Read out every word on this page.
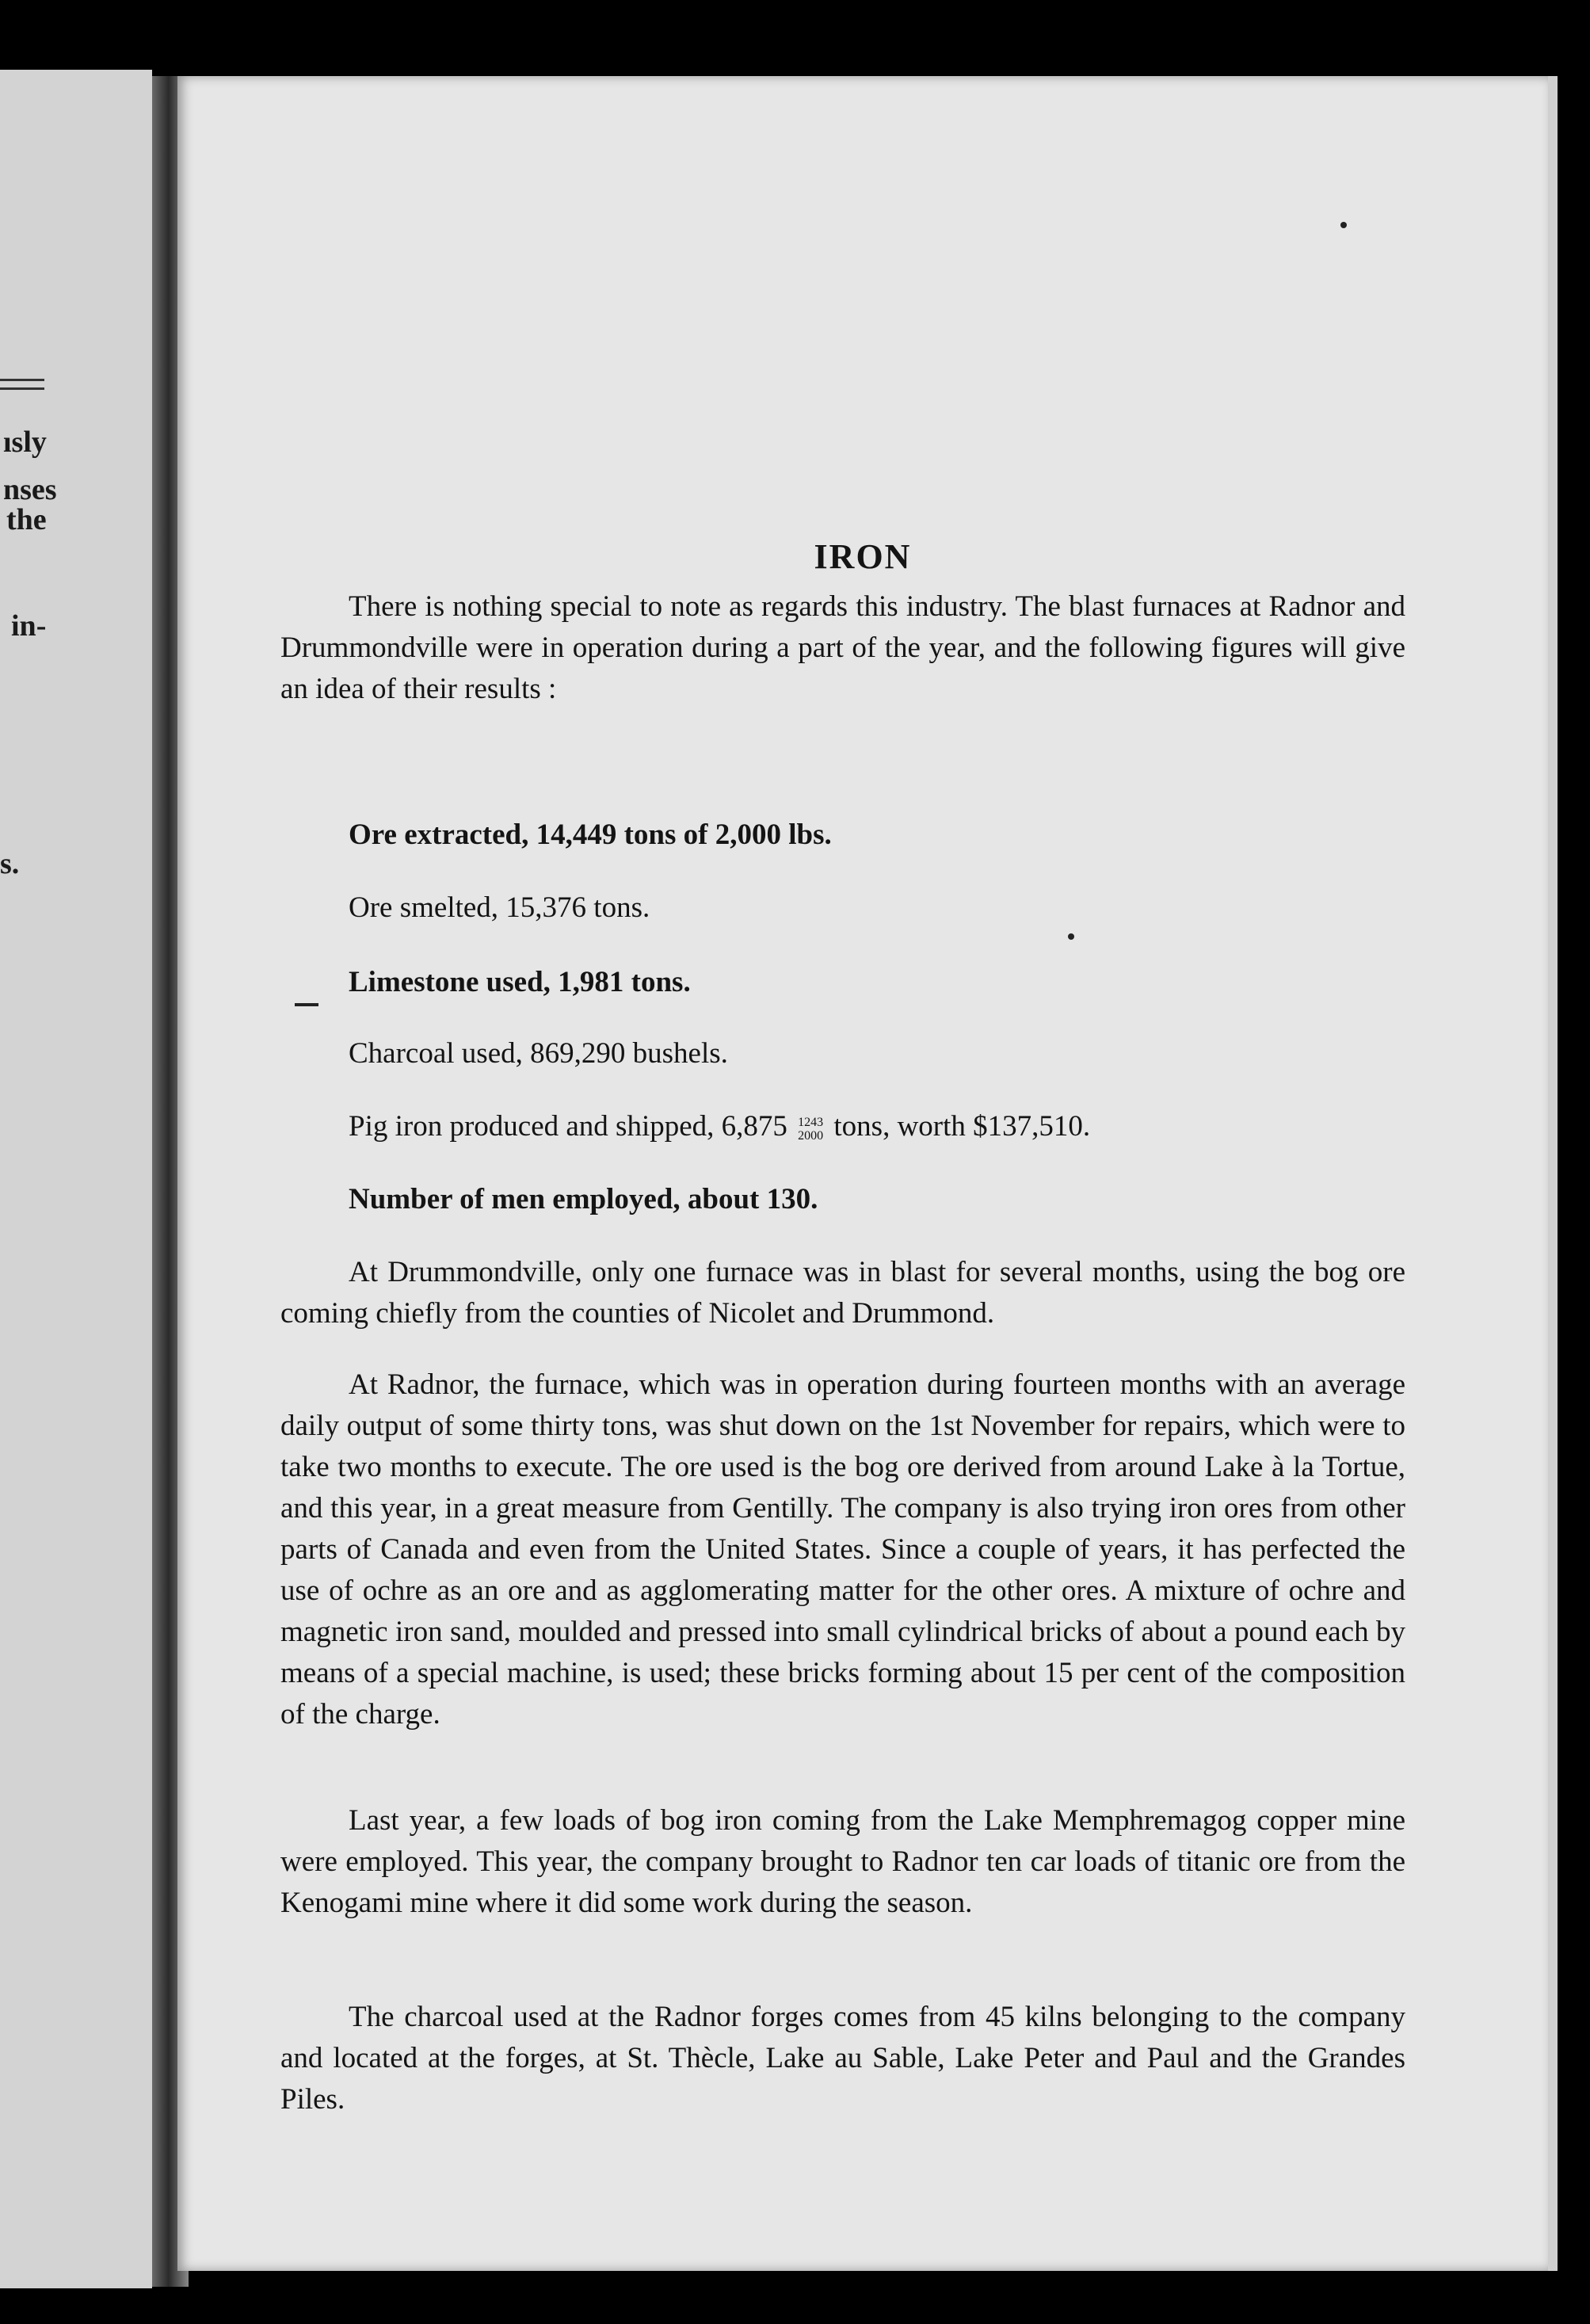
ısly
nses
the
in-
s.
IRON

There is nothing special to note as regards this industry. The blast furnaces at Radnor and Drummondville were in operation during a part of the year, and the following figures will give an idea of their results :

Ore extracted, 14,449 tons of 2,000 lbs.

Ore smelted, 15,376 tons.

Limestone used, 1,981 tons.

Charcoal used, 869,290 bushels.

Pig iron produced and shipped, 6,875 1243
2000 tons, worth $137,510.

Number of men employed, about 130.

At Drummondville, only one furnace was in blast for several months, using the bog ore coming chiefly from the counties of Nicolet and Drummond.

At Radnor, the furnace, which was in operation during fourteen months with an average daily output of some thirty tons, was shut down on the 1st November for repairs, which were to take two months to execute. The ore used is the bog ore derived from around Lake à la Tortue, and this year, in a great measure from Gentilly. The company is also trying iron ores from other parts of Canada and even from the United States. Since a couple of years, it has perfected the use of ochre as an ore and as agglomerating matter for the other ores. A mixture of ochre and magnetic iron sand, moulded and pressed into small cylindrical bricks of about a pound each by means of a special machine, is used; these bricks forming about 15 per cent of the composition of the charge.

Last year, a few loads of bog iron coming from the Lake Memphremagog copper mine were employed. This year, the company brought to Radnor ten car loads of titanic ore from the Kenogami mine where it did some work during the season.

The charcoal used at the Radnor forges comes from 45 kilns belonging to the company and located at the forges, at St. Thècle, Lake au Sable, Lake Peter and Paul and the Grandes Piles.
